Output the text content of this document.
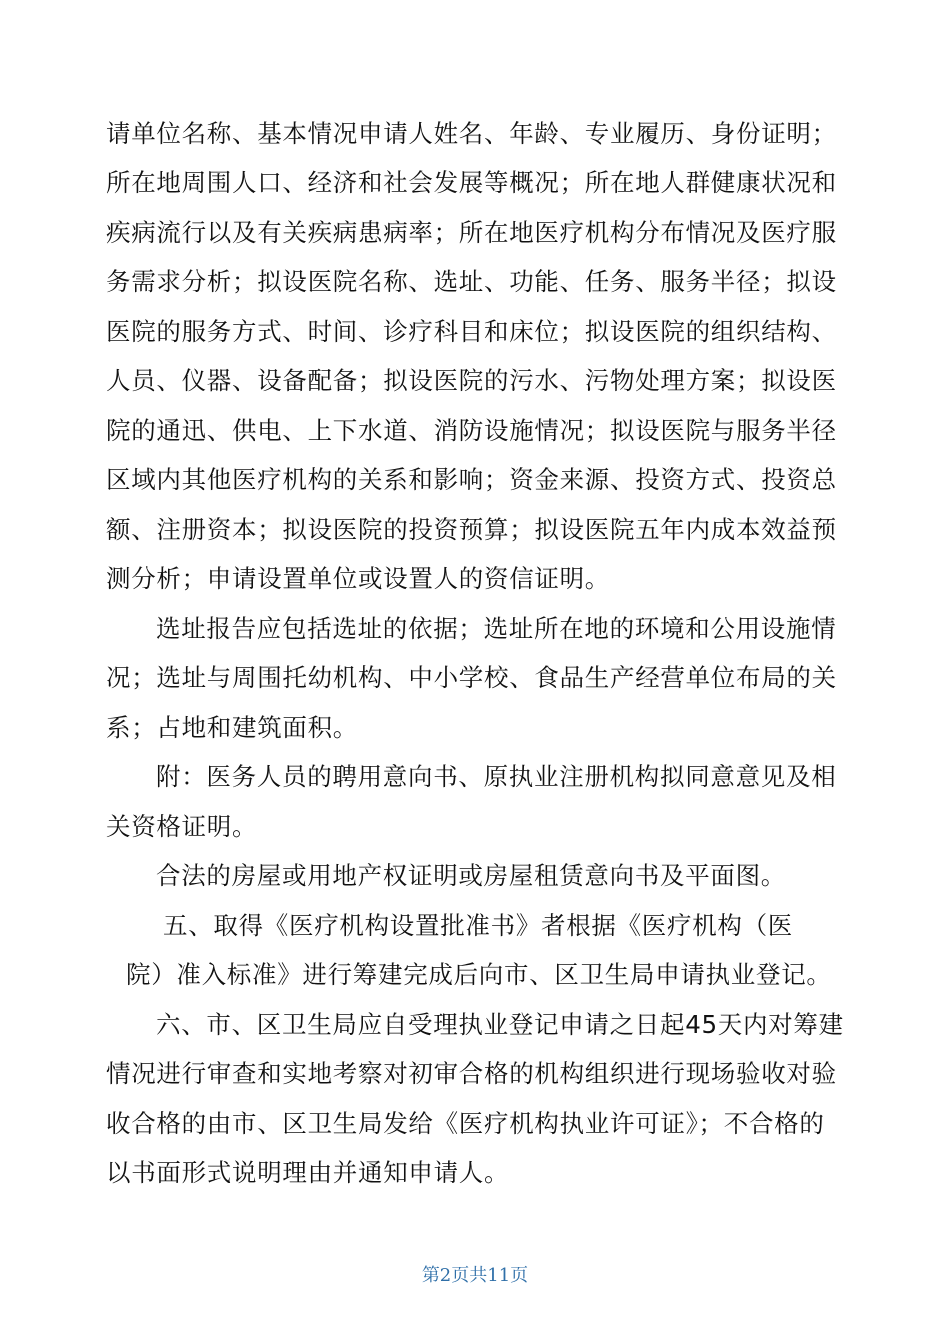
请单位名称、基本情况申请人姓名、年龄、专业履历、身份证明；

所在地周围人口、经济和社会发展等概况；所在地人群健康状况和

疾病流行以及有关疾病患病率；所在地医疗机构分布情况及医疗服

务需求分析；拟设医院名称、选址、功能、任务、服务半径；拟设

医院的服务方式、时间、诊疗科目和床位；拟设医院的组织结构、

人员、仪器、设备配备；拟设医院的污水、污物处理方案；拟设医

院的通迅、供电、上下水道、消防设施情况；拟设医院与服务半径

区域内其他医疗机构的关系和影响；资金来源、投资方式、投资总

额、注册资本；拟设医院的投资预算；拟设医院五年内成本效益预

测分析；申请设置单位或设置人的资信证明。

选址报告应包括选址的依据；选址所在地的环境和公用设施情

况；选址与周围托幼机构、中小学校、食品生产经营单位布局的关

系；占地和建筑面积。

附：医务人员的聘用意向书、原执业注册机构拟同意意见及相

关资格证明。

合法的房屋或用地产权证明或房屋租赁意向书及平面图。

五、取得《医疗机构设置批准书》者根据《医疗机构（医

院）准入标准》进行筹建完成后向市、区卫生局申请执业登记。

六、市、区卫生局应自受理执业登记申请之日起45天内对筹建

情况进行审查和实地考察对初审合格的机构组织进行现场验收对验

收合格的由市、区卫生局发给《医疗机构执业许可证》；不合格的

以书面形式说明理由并通知申请人。

第2页共11页
